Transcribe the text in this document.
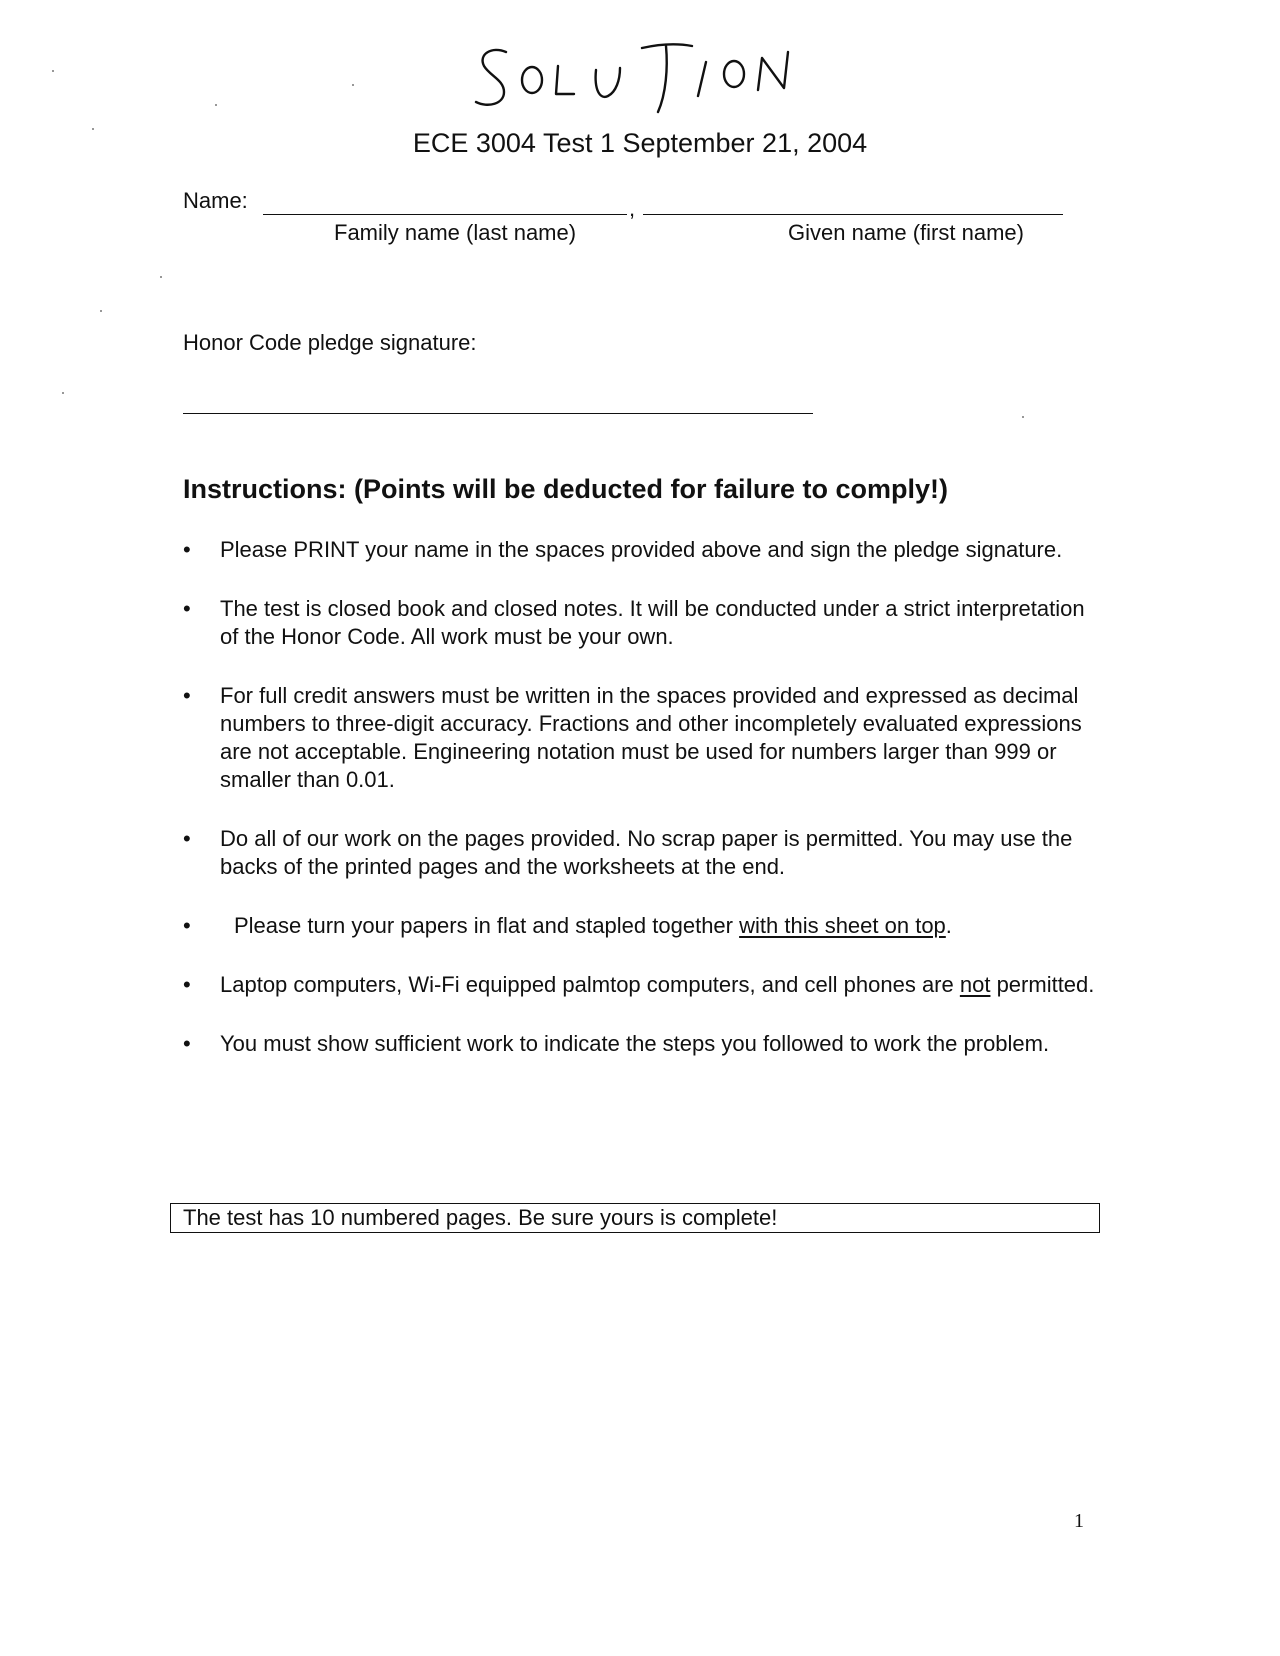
ECE 3004 Test 1 September 21, 2004
Name:	,
Family name (last name)	Given name (first name)
Honor Code pledge signature:
Instructions: (Points will be deducted for failure to comply!)
• Please PRINT your name in the spaces provided above and sign the pledge signature.
• The test is closed book and closed notes. It will be conducted under a strict interpretation of the Honor Code. All work must be your own.
• For full credit answers must be written in the spaces provided and expressed as decimal numbers to three-digit accuracy. Fractions and other incompletely evaluated expressions are not acceptable. Engineering notation must be used for numbers larger than 999 or smaller than 0.01.
• Do all of our work on the pages provided. No scrap paper is permitted. You may use the backs of the printed pages and the worksheets at the end.
• Please turn your papers in flat and stapled together with this sheet on top.
• Laptop computers, Wi-Fi equipped palmtop computers, and cell phones are not permitted.
• You must show sufficient work to indicate the steps you followed to work the problem.
The test has 10 numbered pages. Be sure yours is complete!
1
